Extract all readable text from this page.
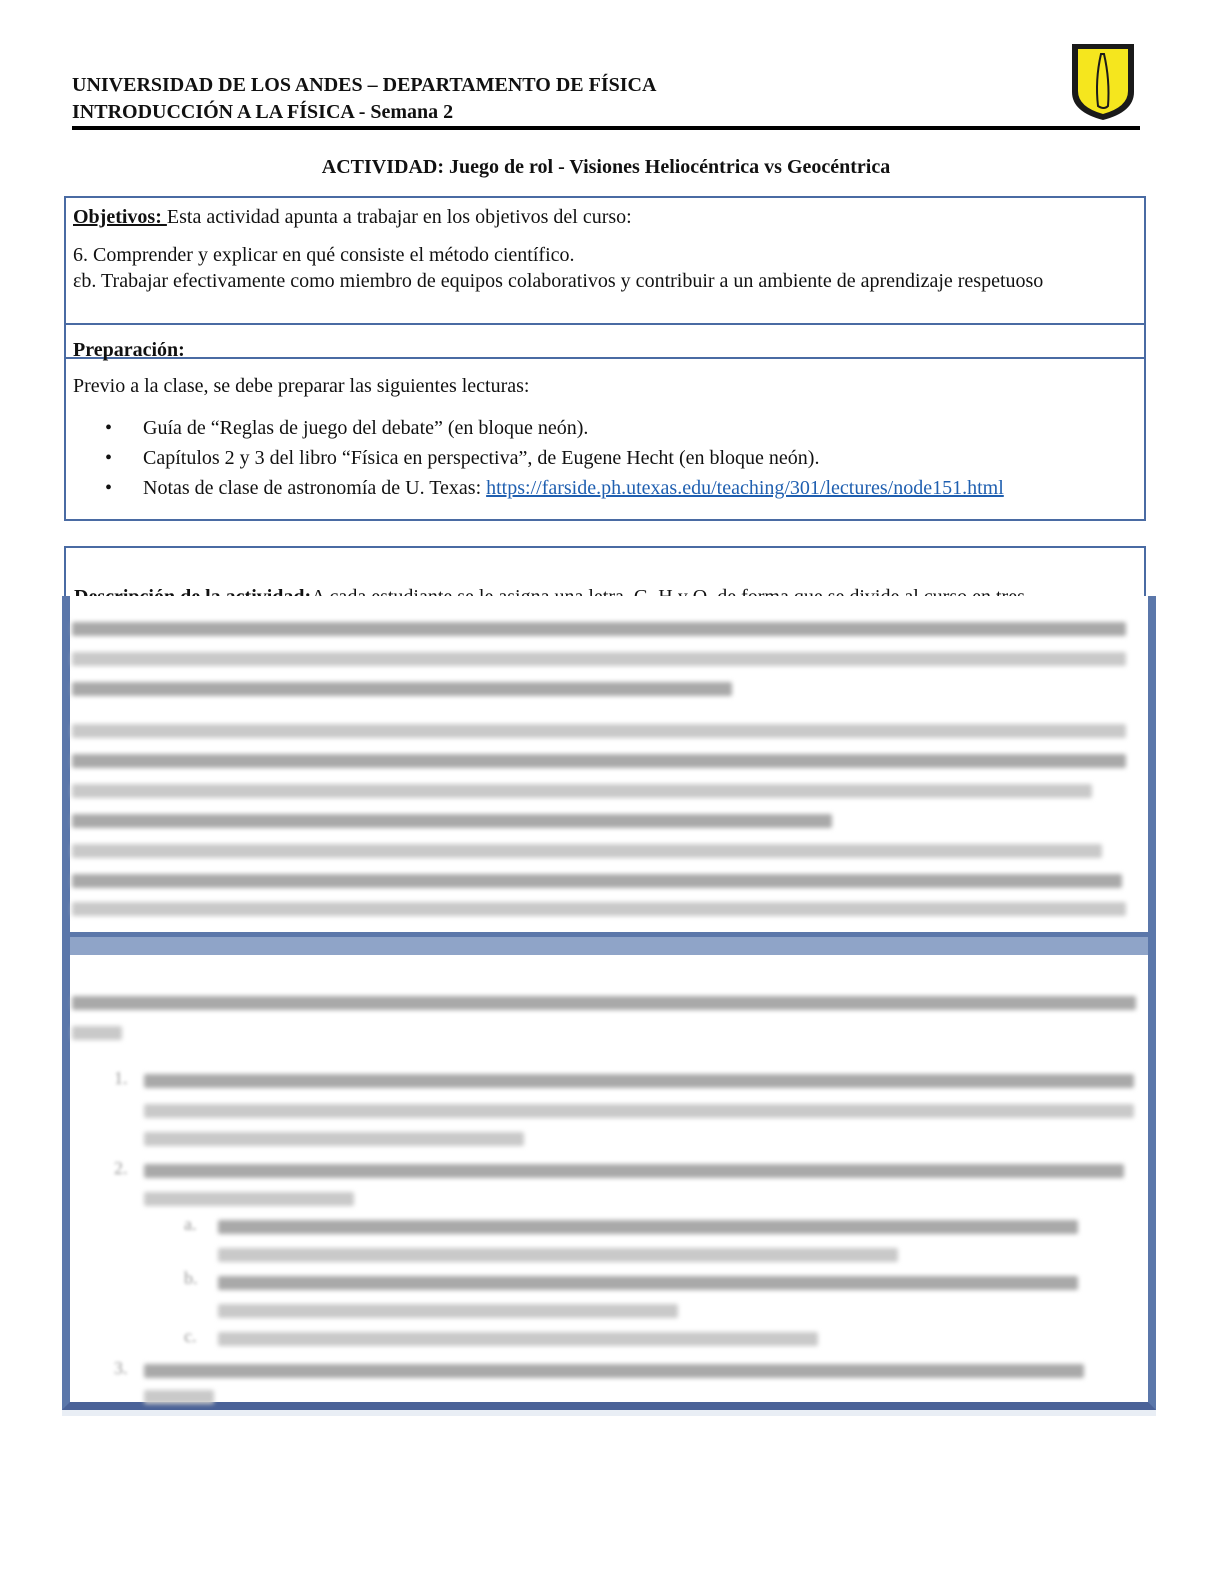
UNIVERSIDAD DE LOS ANDES – DEPARTAMENTO DE FÍSICA
INTRODUCCIÓN A LA FÍSICA - Semana 2
ACTIVIDAD: Juego de rol - Visiones Heliocéntrica vs Geocéntrica

Objetivos: Esta actividad apunta a trabajar en los objetivos del curso:

6. Comprender y explicar en qué consiste el método científico.
εb. Trabajar efectivamente como miembro de equipos colaborativos y contribuir a un ambiente de aprendizaje respetuoso
Preparación:
Previo a la clase, se debe preparar las siguientes lecturas:
• Guía de “Reglas de juego del debate” (en bloque neón).
• Capítulos 2 y 3 del libro “Física en perspectiva”, de Eugene Hecht (en bloque neón).
• Notas de clase de astronomía de U. Texas: https://farside.ph.utexas.edu/teaching/301/lectures/node151.html
1.
2.
a.
b.
c.
3.
